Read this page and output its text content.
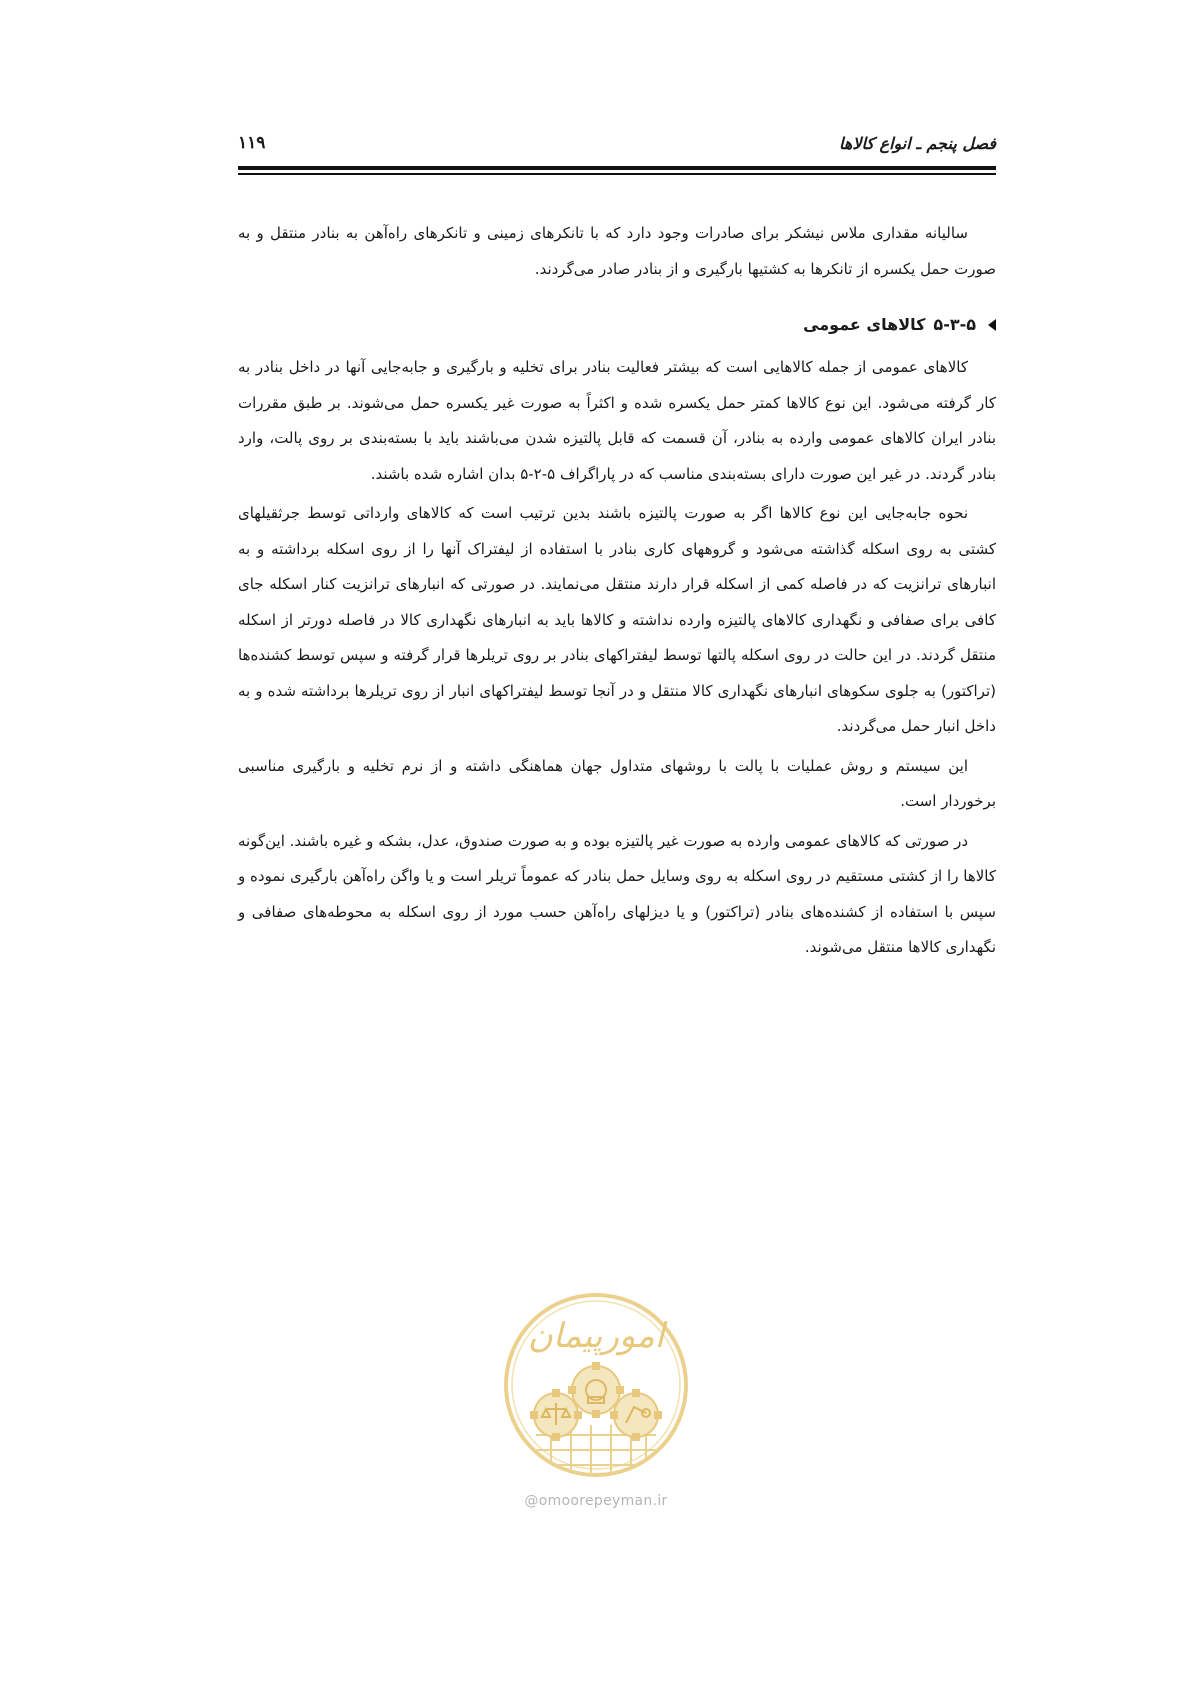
فصل پنجم ـ انواع کالاها
۱۱۹

سالیانه مقداری ملاس نیشکر برای صادرات وجود دارد که با تانکرهای زمینی و تانکرهای راه‌آهن به بنادر منتقل و به صورت حمل یکسره از تانکرها به کشتیها بارگیری و از بنادر صادر می‌گردند.

۵-۳-۵
کالاهای عمومی

کالاهای عمومی از جمله کالاهایی است که بیشتر فعالیت بنادر برای تخلیه و بارگیری و جابه‌جایی آنها در داخل بنادر به کار گرفته می‌شود. این نوع کالاها کمتر حمل یکسره شده و اکثراً به صورت غیر یکسره حمل می‌شوند. بر طبق مقررات بنادر ایران کالاهای عمومی وارده به بنادر، آن قسمت که قابل پالتیزه شدن می‌باشند باید با بسته‌بندی بر روی پالت، وارد بنادر گردند. در غیر این صورت دارای بسته‌بندی مناسب که در پاراگراف ۵-۲-۵ بدان اشاره شده باشند.

نحوه جابه‌جایی این نوع کالاها اگر به صورت پالتیزه باشند بدین ترتیب است که کالاهای وارداتی توسط جرثقیلهای کشتی به روی اسکله گذاشته می‌شود و گروههای کاری بنادر با استفاده از لیفتراک آنها را از روی اسکله برداشته و به انبارهای ترانزیت که در فاصله کمی از اسکله قرار دارند منتقل می‌نمایند. در صورتی که انبارهای ترانزیت کنار اسکله جای کافی برای صفافی و نگهداری کالاهای پالتیزه وارده نداشته و کالاها باید به انبارهای نگهداری کالا در فاصله دورتر از اسکله منتقل گردند. در این حالت در روی اسکله پالتها توسط لیفتراکهای بنادر بر روی تریلرها قرار گرفته و سپس توسط کشنده‌ها (تراکتور) به جلوی سکوهای انبارهای نگهداری کالا منتقل و در آنجا توسط لیفتراکهای انبار از روی تریلرها برداشته شده و به داخل انبار حمل می‌گردند.

این سیستم و روش عملیات با پالت با روشهای متداول جهان هماهنگی داشته و از نرم تخلیه و بارگیری مناسبی برخوردار است.

در صورتی که کالاهای عمومی وارده به صورت غیر پالتیزه بوده و به صورت صندوق، عدل، بشکه و غیره باشند. این‌گونه کالاها را از کشتی مستقیم در روی اسکله به روی وسایل حمل بنادر که عموماً تریلر است و یا واگن راه‌آهن بارگیری نموده و سپس با استفاده از کشنده‌های بنادر (تراکتور) و یا دیزلهای راه‌آهن حسب مورد از روی اسکله به محوطه‌های صفافی و نگهداری کالاها منتقل می‌شوند.

امورپیمان
@omoorepeyman.ir
